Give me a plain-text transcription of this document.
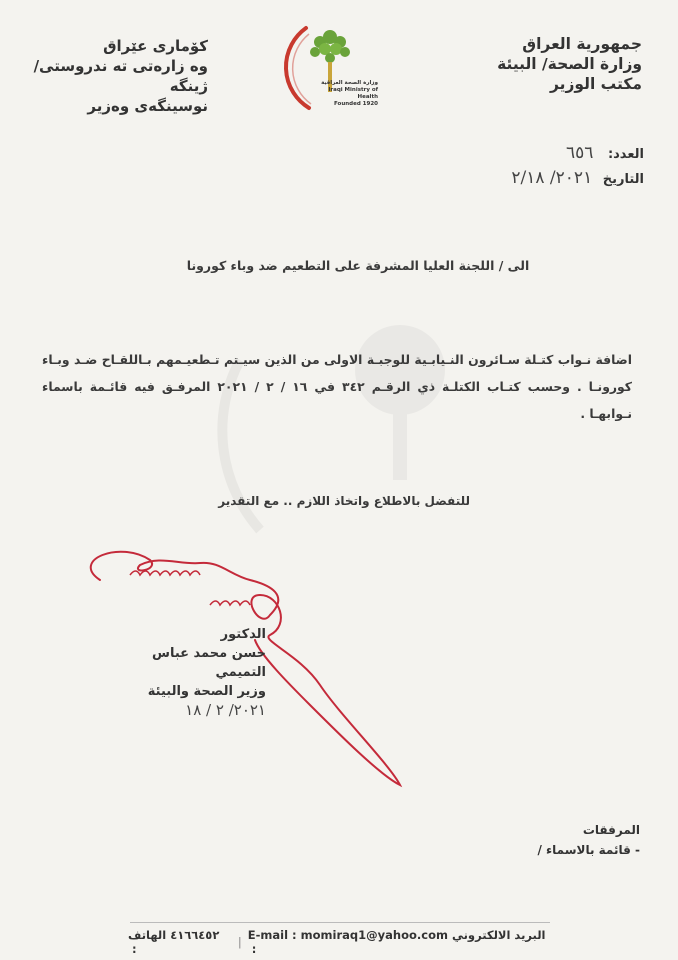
جمهورية العراق
وزارة الصحة/ البيئة
مكتب الوزير
كۆماری عێراق
وه زارەتی تە ندروستی/ ژینگە
نوسینگەی وەزیر
وزارة الصحة العراقية
Iraqi Ministry of Health
Founded 1920
العدد: ٦٥٦
التاريخ ٢٠٢١/ ٢/١٨
الى / اللجنة العليا المشرفة على التطعيم ضد وباء كورونا
اضافة نـواب كتـلة سـائرون النـيابـية للوجبـة الاولى من الذين سيـتم تـطعيـمهم بـاللقـاح ضـد وبـاء كورونـا . وحسب كتـاب الكتلـة ذي الرقـم ٣٤٢ في ١٦ / ٢ / ٢٠٢١ المرفـق فيه قائـمة باسماء نـوابهـا .
للتفضل بالاطلاع واتخاذ اللازم .. مع التقدير
الدكتور
حسن محمد عباس التميمي
وزير الصحة والبيئة
٢٠٢١/ ٢ / ١٨
المرفقات
- قائمة بالاسماء /
٤١٦٦٤٥٢ الهاتف :	| E-mail : momiraq1@yahoo.com البريد الالكتروني :
